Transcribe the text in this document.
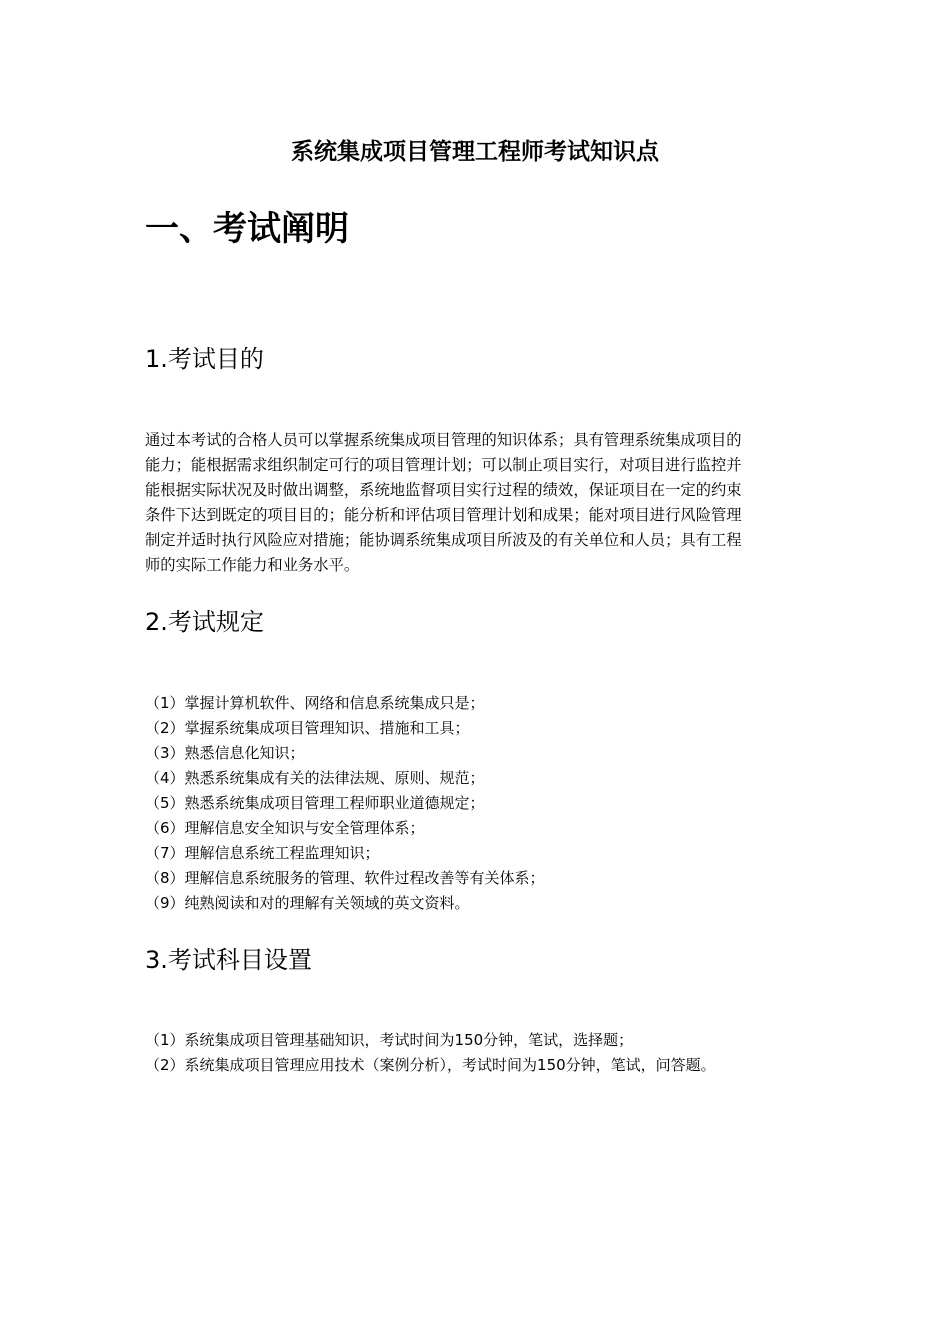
系统集成项目管理工程师考试知识点
一、考试阐明
1.考试目的

通过本考试的合格人员可以掌握系统集成项目管理的知识体系；具有管理系统集成项目的
能力；能根据需求组织制定可行的项目管理计划；可以制止项目实行，对项目进行监控并
能根据实际状况及时做出调整，系统地监督项目实行过程的绩效，保证项目在一定的约束
条件下达到既定的项目目的；能分析和评估项目管理计划和成果；能对项目进行风险管理
制定并适时执行风险应对措施；能协调系统集成项目所波及的有关单位和人员；具有工程
师的实际工作能力和业务水平。

2.考试规定
（1）掌握计算机软件、网络和信息系统集成只是；
（2）掌握系统集成项目管理知识、措施和工具；
（3）熟悉信息化知识；
（4）熟悉系统集成有关的法律法规、原则、规范；
（5）熟悉系统集成项目管理工程师职业道德规定；
（6）理解信息安全知识与安全管理体系；
（7）理解信息系统工程监理知识；
（8）理解信息系统服务的管理、软件过程改善等有关体系；
（9）纯熟阅读和对的理解有关领域的英文资料。
3.考试科目设置
（1）系统集成项目管理基础知识，考试时间为150分钟，笔试，选择题；
（2）系统集成项目管理应用技术（案例分析），考试时间为150分钟，笔试，问答题。
